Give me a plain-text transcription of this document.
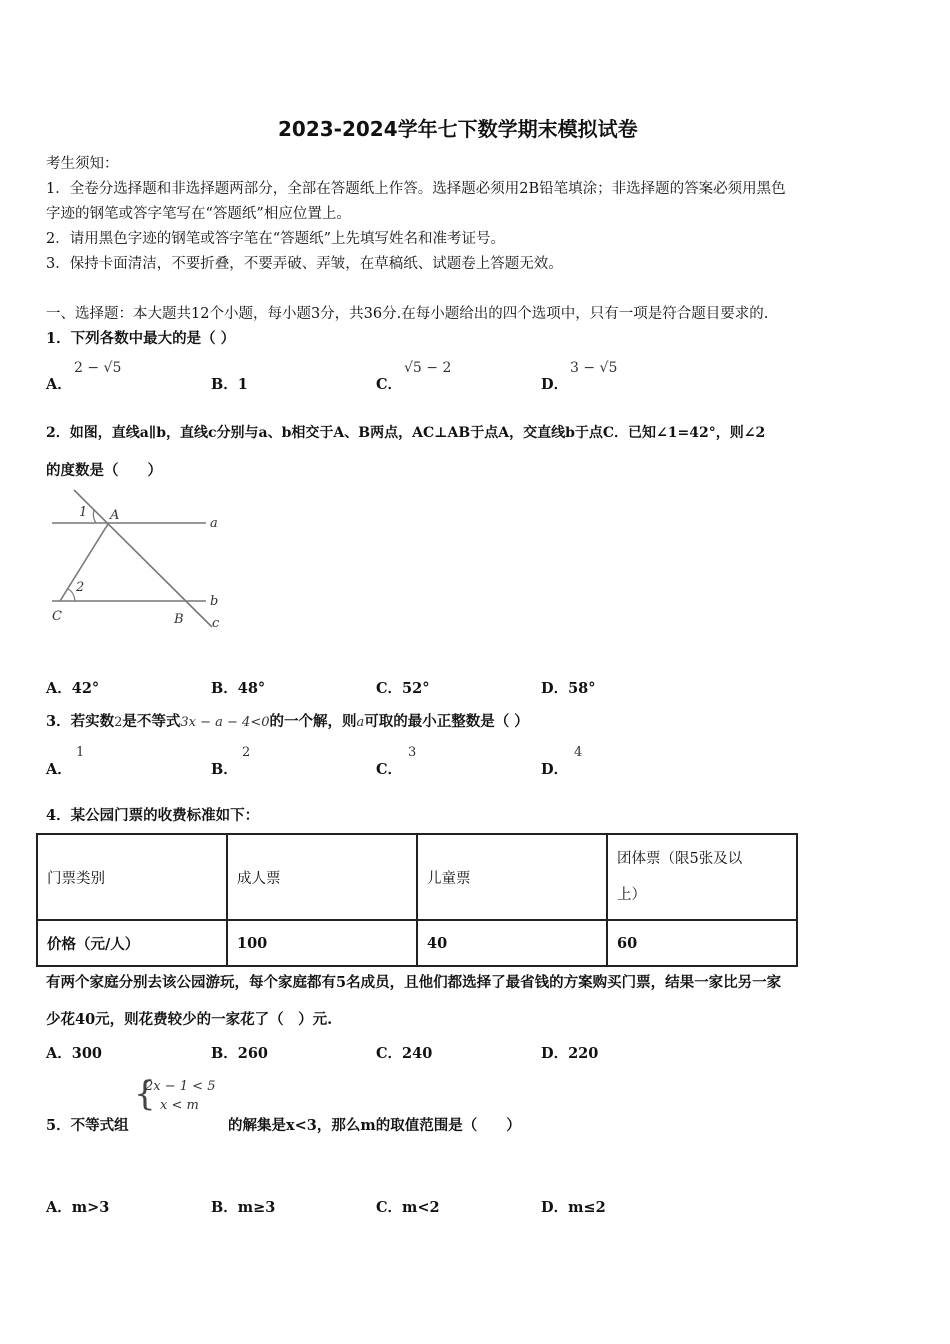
2023-2024学年七下数学期末模拟试卷
考生须知：
1．全卷分选择题和非选择题两部分，全部在答题纸上作答。选择题必须用2B铅笔填涂；非选择题的答案必须用黑色
字迹的钢笔或答字笔写在“答题纸”相应位置上。
2．请用黑色字迹的钢笔或答字笔在“答题纸”上先填写姓名和准考证号。
3．保持卡面清洁，不要折叠，不要弄破、弄皱，在草稿纸、试题卷上答题无效。
一、选择题：本大题共12个小题，每小题3分，共36分.在每小题给出的四个选项中，只有一项是符合题目要求的.
1．下列各数中最大的是（ ）
A．
2 − √5
B．1	C．
√5 − 2
D．
3 − √5
2．如图，直线a∥b，直线c分别与a、b相交于A、B两点，AC⊥AB于点A，交直线b于点C．已知∠1=42°，则∠2
的度数是（　　）
1 A
a
2
C	B
b
c
A．42°	B．48°	C．52°	D．58°
3．若实数2是不等式3x − a − 4<0的一个解，则a可取的最小正整数是（ ）
A．
1
B．
2
C．
3
D．
4
4．某公园门票的收费标准如下：
门票类别	成人票	儿童票	团体票（限5张及以
上）

价格（元/人）	100	40	60
有两个家庭分别去该公园游玩，每个家庭都有5名成员，且他们都选择了最省钱的方案购买门票，结果一家比另一家
少花40元，则花费较少的一家花了（　）元.
A．300	B．260	C．240	D．220
5．不等式组
{
2x − 1 < 5
x < m
的解集是x<3，那么m的取值范围是（　　）
A．m>3	B．m≥3	C．m<2	D．m≤2
